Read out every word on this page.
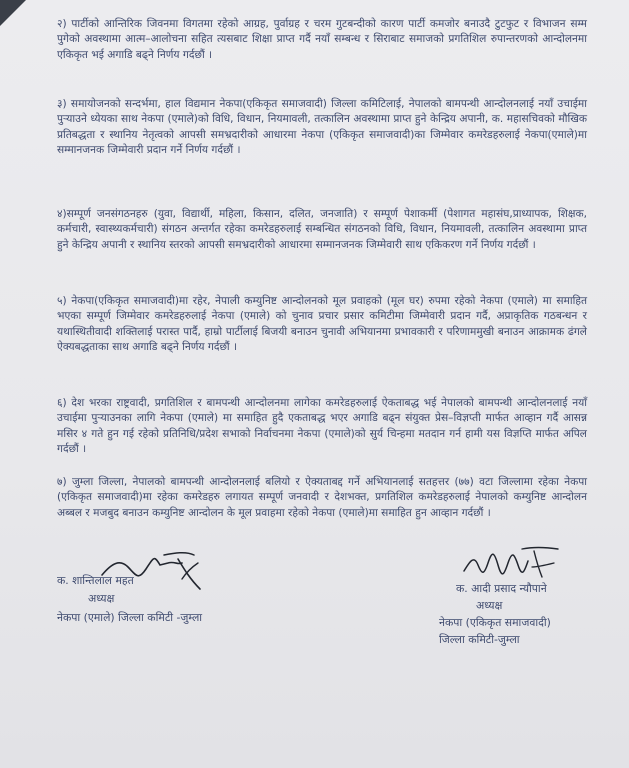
२) पार्टीको आन्तिरिक जिवनमा विगतमा रहेको आग्रह, पुर्वाग्रह र चरम गुटबन्दीको कारण पार्टी कमजोर बनाउदै टुटफुट र विभाजन सम्म पुगेको अवस्थामा आत्म–आलोचना सहित त्यसबाट शिक्षा प्राप्त गर्दै नयाँ सम्बन्ध र सिराबाट समाजको प्रगतिशिल रुपान्तरणको आन्दोलनमा एकिकृत भई अगाडि बढ्ने निर्णय गर्दछौं ।

३) समायोजनको सन्दर्भमा, हाल विद्यमान नेकपा(एकिकृत समाजवादी) जिल्ला कमिटिलाई, नेपालको बामपन्थी आन्दोलनलाई नयाँ उचाईमा पुऱ्याउने ध्येयका साथ नेकपा (एमाले)को विधि, विधान, नियमावली, तत्कालिन अवस्थामा प्राप्त हुने केन्द्रिय अपानी, क. महासचिवको मौखिक प्रतिबद्धता र स्थानिय नेतृत्वको आपसी समभ्रदारीको आधारमा नेकपा (एकिकृत समाजवादी)का जिम्मेवार कमरेडहरुलाई नेकपा(एमाले)मा सम्मानजनक जिम्मेवारी प्रदान गर्ने निर्णय गर्दछौं ।

४)सम्पूर्ण जनसंगठनहरु (युवा, विद्यार्थी, महिला, किसान, दलित, जनजाति) र सम्पूर्ण पेशाकर्मी (पेशागत महासंघ,प्राध्यापक, शिक्षक, कर्मचारी, स्वास्थ्यकर्मचारी) संगठन अन्तर्गत रहेका कमरेडहरुलाई सम्बन्धित संगठनको विधि, विधान, नियमावली, तत्कालिन अवस्थामा प्राप्त हुने केन्द्रिय अपानी र स्थानिय स्तरको आपसी समभ्रदारीको आधारमा सम्मानजनक जिम्मेवारी साथ एकिकरण गर्ने निर्णय गर्दछौं ।

५) नेकपा(एकिकृत समाजवादी)मा रहेर, नेपाली कम्युनिष्ट आन्दोलनको मूल प्रवाहको (मूल घर) रुपमा रहेको नेकपा (एमाले) मा समाहित भएका सम्पूर्ण जिम्मेवार कमरेडहरुलाई नेकपा (एमाले) को चुनाव प्रचार प्रसार कमिटीमा जिम्मेवारी प्रदान गर्दै, अप्राकृतिक गठबन्धन र यथास्थितीवादी शक्तिलाई परास्त पार्दै, हाम्रो पार्टीलाई बिजयी बनाउन चुनावी अभियानमा प्रभावकारी र परिणाममुखी बनाउन आक्रामक ढंगले ऐक्यबद्धताका साथ अगाडि बढ्ने निर्णय गर्दछौं ।

६) देश भरका राष्ट्रवादी, प्रगतिशिल र बामपन्थी आन्दोलनमा लागेका कमरेडहरुलाई ऐकताबद्ध भई नेपालको बामपन्थी आन्दोलनलाई नयाँ उचाईमा पुऱ्याउनका लागि नेकपा (एमाले) मा समाहित हुदै एकताबद्ध भएर अगाडि बढ्न संयुक्त प्रेस–विज्ञप्ती मार्फत आव्हान गर्दै आसन्न मसिर ४ गते हुन गई रहेको प्रतिनिधि/प्रदेश सभाको निर्वाचनमा नेकपा (एमाले)को सुर्य चिन्हमा मतदान गर्न हामी यस विज्ञप्ति मार्फत अपिल गर्दछौं ।

७) जुम्ला जिल्ला, नेपालको बामपन्थी आन्दोलनलाई बलियो र ऐक्यताबद्द गर्ने अभियानलाई सतहत्तर (७७) वटा जिल्लामा रहेका नेकपा (एकिकृत समाजवादी)मा रहेका कमरेडहरु लगायत सम्पूर्ण जनवादी र देशभक्त, प्रगतिशिल कमरेडहरुलाई नेपालको कम्युनिष्ट आन्दोलन अब्बल र मजबुद बनाउन कम्युनिष्ट आन्दोलन के मूल प्रवाहमा रहेको नेकपा (एमाले)मा समाहित हुन आव्हान गर्दछौं ।

क. शान्तिलाल महत
अध्यक्ष
नेकपा (एमाले) जिल्ला कमिटी -जुम्ला
क. आदी प्रसाद न्यौपाने
अध्यक्ष
नेकपा (एकिकृत समाजवादी)
जिल्ला कमिटी-जुम्ला
